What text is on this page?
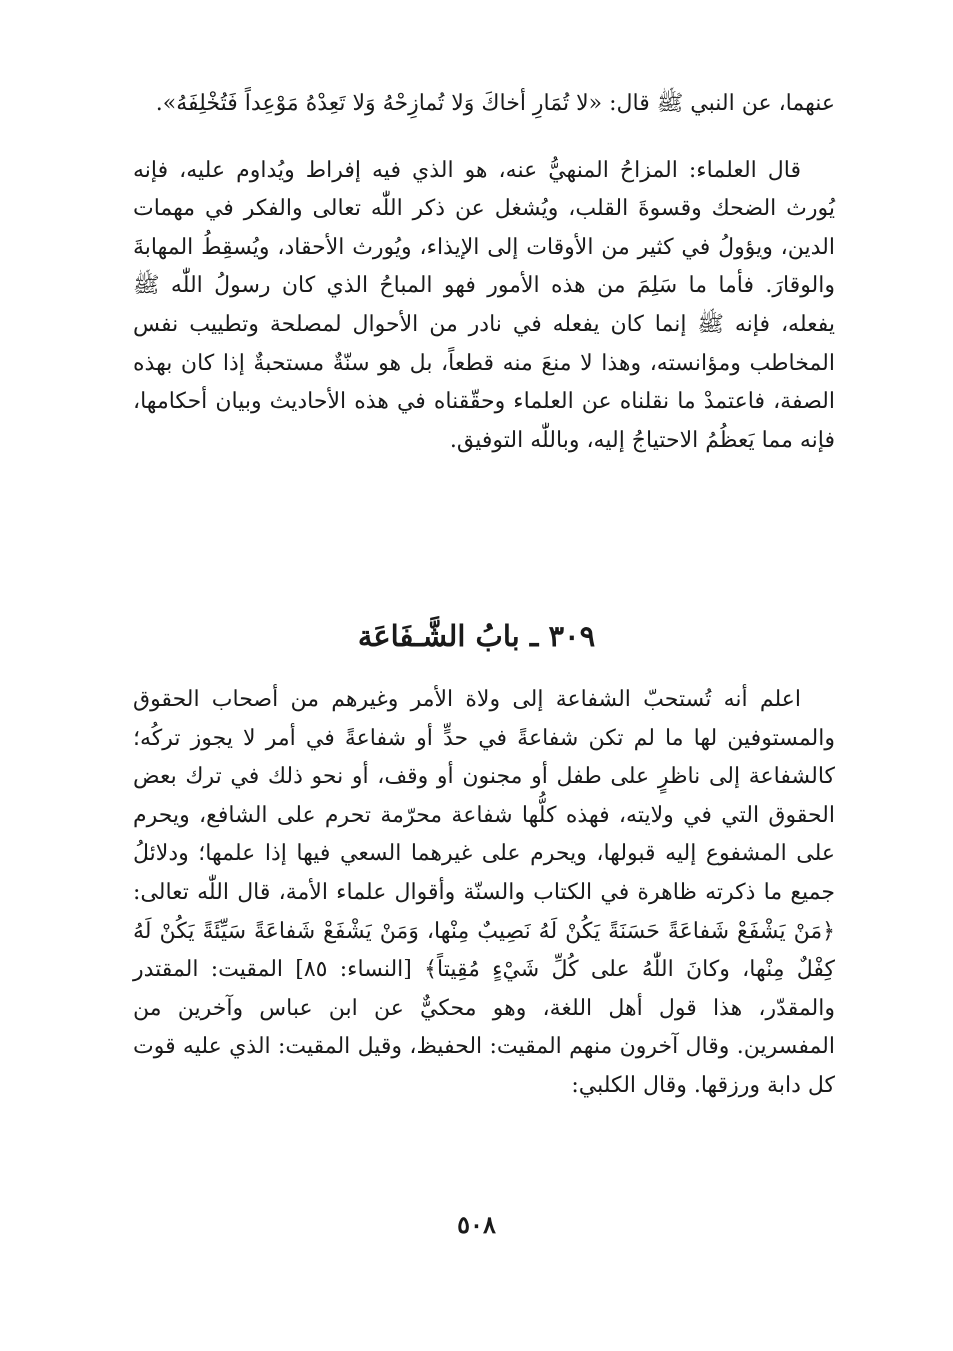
عنهما، عن النبي ﷺ قال: «لا تُمَارِ أخاكَ وَلا تُمازِحْهُ وَلا تَعِدْهُ مَوْعِداً فَتُخْلِفَهُ».

قال العلماء: المزاحُ المنهيُّ عنه، هو الذي فيه إفراط ويُداوم عليه، فإنه يُورث الضحك وقسوةَ القلب، ويُشغل عن ذكر اللّٰه تعالى والفكر في مهمات الدين، ويؤولُ في كثير من الأوقات إلى الإيذاء، ويُورث الأحقاد، ويُسقِطُ المهابةَ والوقارَ. فأما ما سَلِمَ من هذه الأمور فهو المباحُ الذي كان رسولُ اللّٰه ﷺ يفعله، فإنه ﷺ إنما كان يفعله في نادر من الأحوال لمصلحة وتطييب نفس المخاطب ومؤانسته، وهذا لا منعَ منه قطعاً، بل هو سنّةٌ مستحبةٌ إذا كان بهذه الصفة، فاعتمدْ ما نقلناه عن العلماء وحقّقناه في هذه الأحاديث وبيان أحكامها، فإنه مما يَعظُمُ الاحتياجُ إليه، وباللّٰه التوفيق.

٣٠٩ ـ بابُ الشَّـفَاعَة

اعلم أنه تُستحبّ الشفاعة إلى ولاة الأمر وغيرهم من أصحاب الحقوق والمستوفين لها ما لم تكن شفاعةً في حدٍّ أو شفاعةً في أمر لا يجوز تركُه؛ كالشفاعة إلى ناظرٍ على طفل أو مجنون أو وقف، أو نحو ذلك في ترك بعض الحقوق التي في ولايته، فهذه كلُّها شفاعة محرّمة تحرم على الشافع، ويحرم على المشفوع إليه قبولها، ويحرم على غيرهما السعي فيها إذا علمها؛ ودلائلُ جميع ما ذكرته ظاهرة في الكتاب والسنّة وأقوال علماء الأمة، قال اللّٰه تعالى: ﴿مَنْ يَشْفَعْ شَفاعَةً حَسَنَةً يَكُنْ لَهُ نَصِيبٌ مِنْها، وَمَنْ يَشْفَعْ شَفاعَةً سَيِّئَةً يَكُنْ لَهُ كِفْلٌ مِنْها، وكانَ اللّٰهُ على كُلِّ شَيْءٍ مُقِيتاً﴾ [النساء: ٨٥] المقيت: المقتدر والمقدّر، هذا قول أهل اللغة، وهو محكيٌّ عن ابن عباس وآخرين من المفسرين. وقال آخرون منهم المقيت: الحفيظ، وقيل المقيت: الذي عليه قوت كل دابة ورزقها. وقال الكلبي:

٥٠٨
